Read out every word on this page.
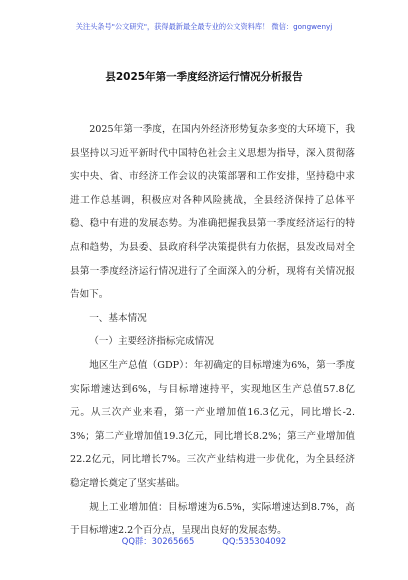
关注头条号"公文研究"，获得最新最全最专业的公文资料库！ 微信：gongwenyj
县2025年第一季度经济运行情况分析报告

2025年第一季度，在国内外经济形势复杂多变的大环境下，我县坚持以习近平新时代中国特色社会主义思想为指导，深入贯彻落实中央、省、市经济工作会议的决策部署和工作安排，坚持稳中求进工作总基调，积极应对各种风险挑战，全县经济保持了总体平稳、稳中有进的发展态势。为准确把握我县第一季度经济运行的特点和趋势，为县委、县政府科学决策提供有力依据，县发改局对全县第一季度经济运行情况进行了全面深入的分析，现将有关情况报告如下。

一、基本情况

（一）主要经济指标完成情况

地区生产总值（GDP）：年初确定的目标增速为6%，第一季度实际增速达到6%，与目标增速持平，实现地区生产总值57.8亿元。从三次产业来看，第一产业增加值16.3亿元，同比增长-2.3%；第二产业增加值19.3亿元，同比增长8.2%；第三产业增加值22.2亿元，同比增长7%。三次产业结构进一步优化，为全县经济稳定增长奠定了坚实基础。

规上工业增加值：目标增速为6.5%，实际增速达到8.7%，高于目标增速2.2个百分点，呈现出良好的发展态势。

QQ群：30265665	QQ:535304092
